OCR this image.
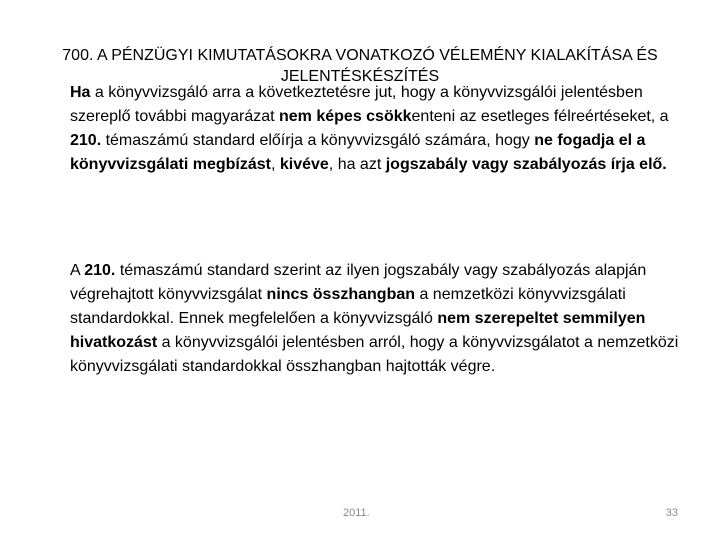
700. A PÉNZÜGYI KIMUTATÁSOKRA VONATKOZÓ VÉLEMÉNY KIALAKÍTÁSA ÉS JELENTÉSKÉSZÍTÉS

Ha a könyvvizsgáló arra a következtetésre jut, hogy a könyvvizsgálói jelentésben szereplő további magyarázat nem képes csökkenteni az esetleges félreértéseket, a 210. témaszámú standard előírja a könyvvizsgáló számára, hogy ne fogadja el a könyvvizsgálati megbízást, kivéve, ha azt jogszabály vagy szabályozás írja elő.

A 210. témaszámú standard szerint az ilyen jogszabály vagy szabályozás alapján végrehajtott könyvvizsgálat nincs összhangban a nemzetközi könyvvizsgálati standardokkal. Ennek megfelelően a könyvvizsgáló nem szerepeltet semmilyen hivatkozást a könyvvizsgálói jelentésben arról, hogy a könyvvizsgálatot a nemzetközi könyvvizsgálati standardokkal összhangban hajtották végre.

2011.	33
